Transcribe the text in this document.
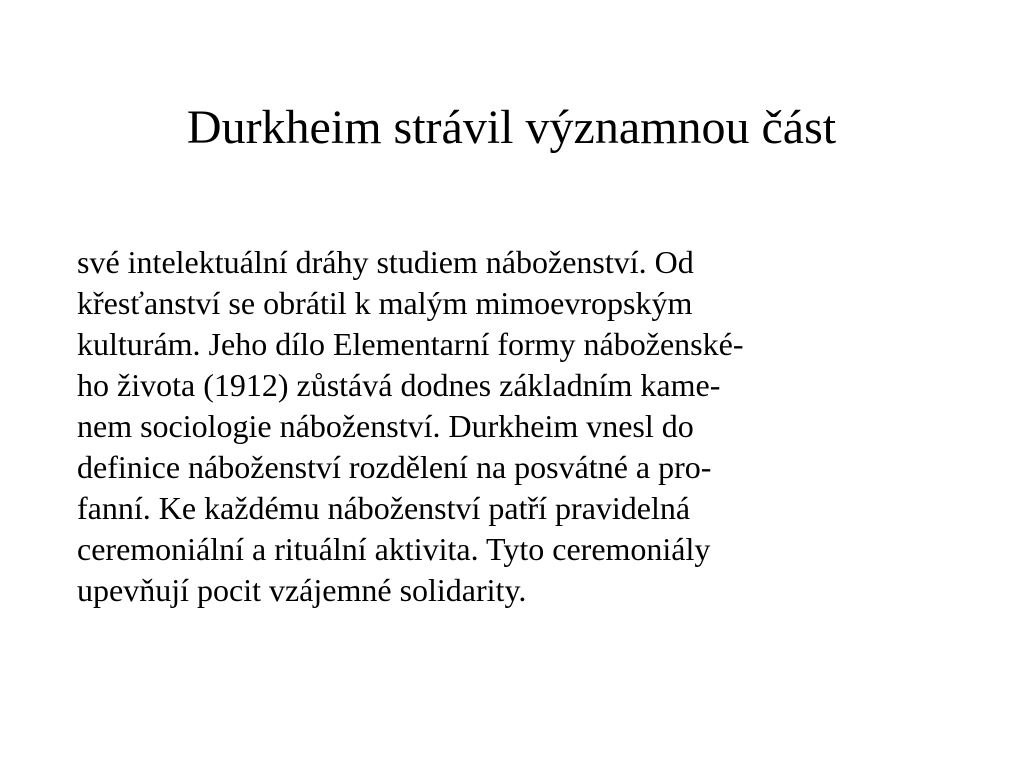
Durkheim strávil významnou část
své intelektuální dráhy studiem náboženství. Od
křesťanství se obrátil k malým mimoevropským
kulturám. Jeho dílo Elementarní formy náboženské-
ho života (1912) zůstává dodnes základním kame-
nem sociologie náboženství. Durkheim vnesl do
definice náboženství rozdělení na posvátné a pro-
fanní. Ke každému náboženství patří pravidelná
ceremoniální a rituální aktivita. Tyto ceremoniály
upevňují pocit vzájemné solidarity.
